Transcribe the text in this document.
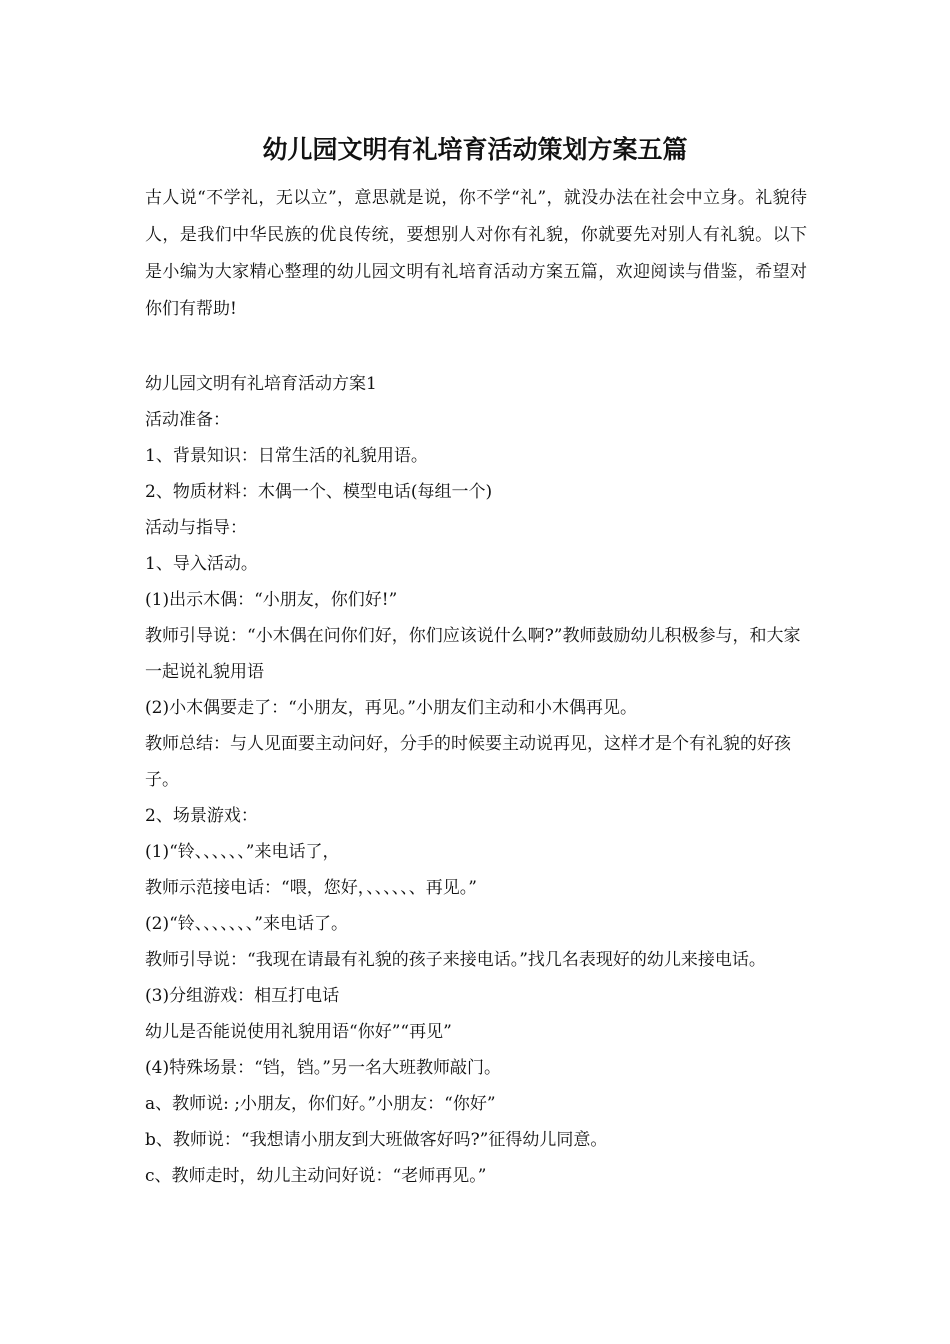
幼儿园文明有礼培育活动策划方案五篇

古人说“不学礼，无以立”，意思就是说，你不学“礼”，就没办法在社会中立身。礼貌待人，是我们中华民族的优良传统，要想别人对你有礼貌，你就要先对别人有礼貌。以下是小编为大家精心整理的幼儿园文明有礼培育活动方案五篇，欢迎阅读与借鉴，希望对你们有帮助!

幼儿园文明有礼培育活动方案1

活动准备：

1、背景知识：日常生活的礼貌用语。

2、物质材料：木偶一个、模型电话(每组一个)

活动与指导：

1、导入活动。

(1)出示木偶：“小朋友，你们好!”

教师引导说：“小木偶在问你们好，你们应该说什么啊?”教师鼓励幼儿积极参与，和大家一起说礼貌用语

(2)小木偶要走了：“小朋友，再见。”小朋友们主动和小木偶再见。

教师总结：与人见面要主动问好，分手的时候要主动说再见，这样才是个有礼貌的好孩子。

2、场景游戏：

(1)“铃、、、、、、”来电话了，

教师示范接电话：“喂，您好，、、、、、、再见。”

(2)“铃、、、、、、、”来电话了。

教师引导说：“我现在请最有礼貌的孩子来接电话。”找几名表现好的幼儿来接电话。

(3)分组游戏：相互打电话

幼儿是否能说使用礼貌用语“你好”“再见”

(4)特殊场景：“铛，铛。”另一名大班教师敲门。

a、教师说: ;小朋友，你们好。”小朋友：“你好”

b、教师说：“我想请小朋友到大班做客好吗?”征得幼儿同意。

c、教师走时，幼儿主动问好说：“老师再见。”
